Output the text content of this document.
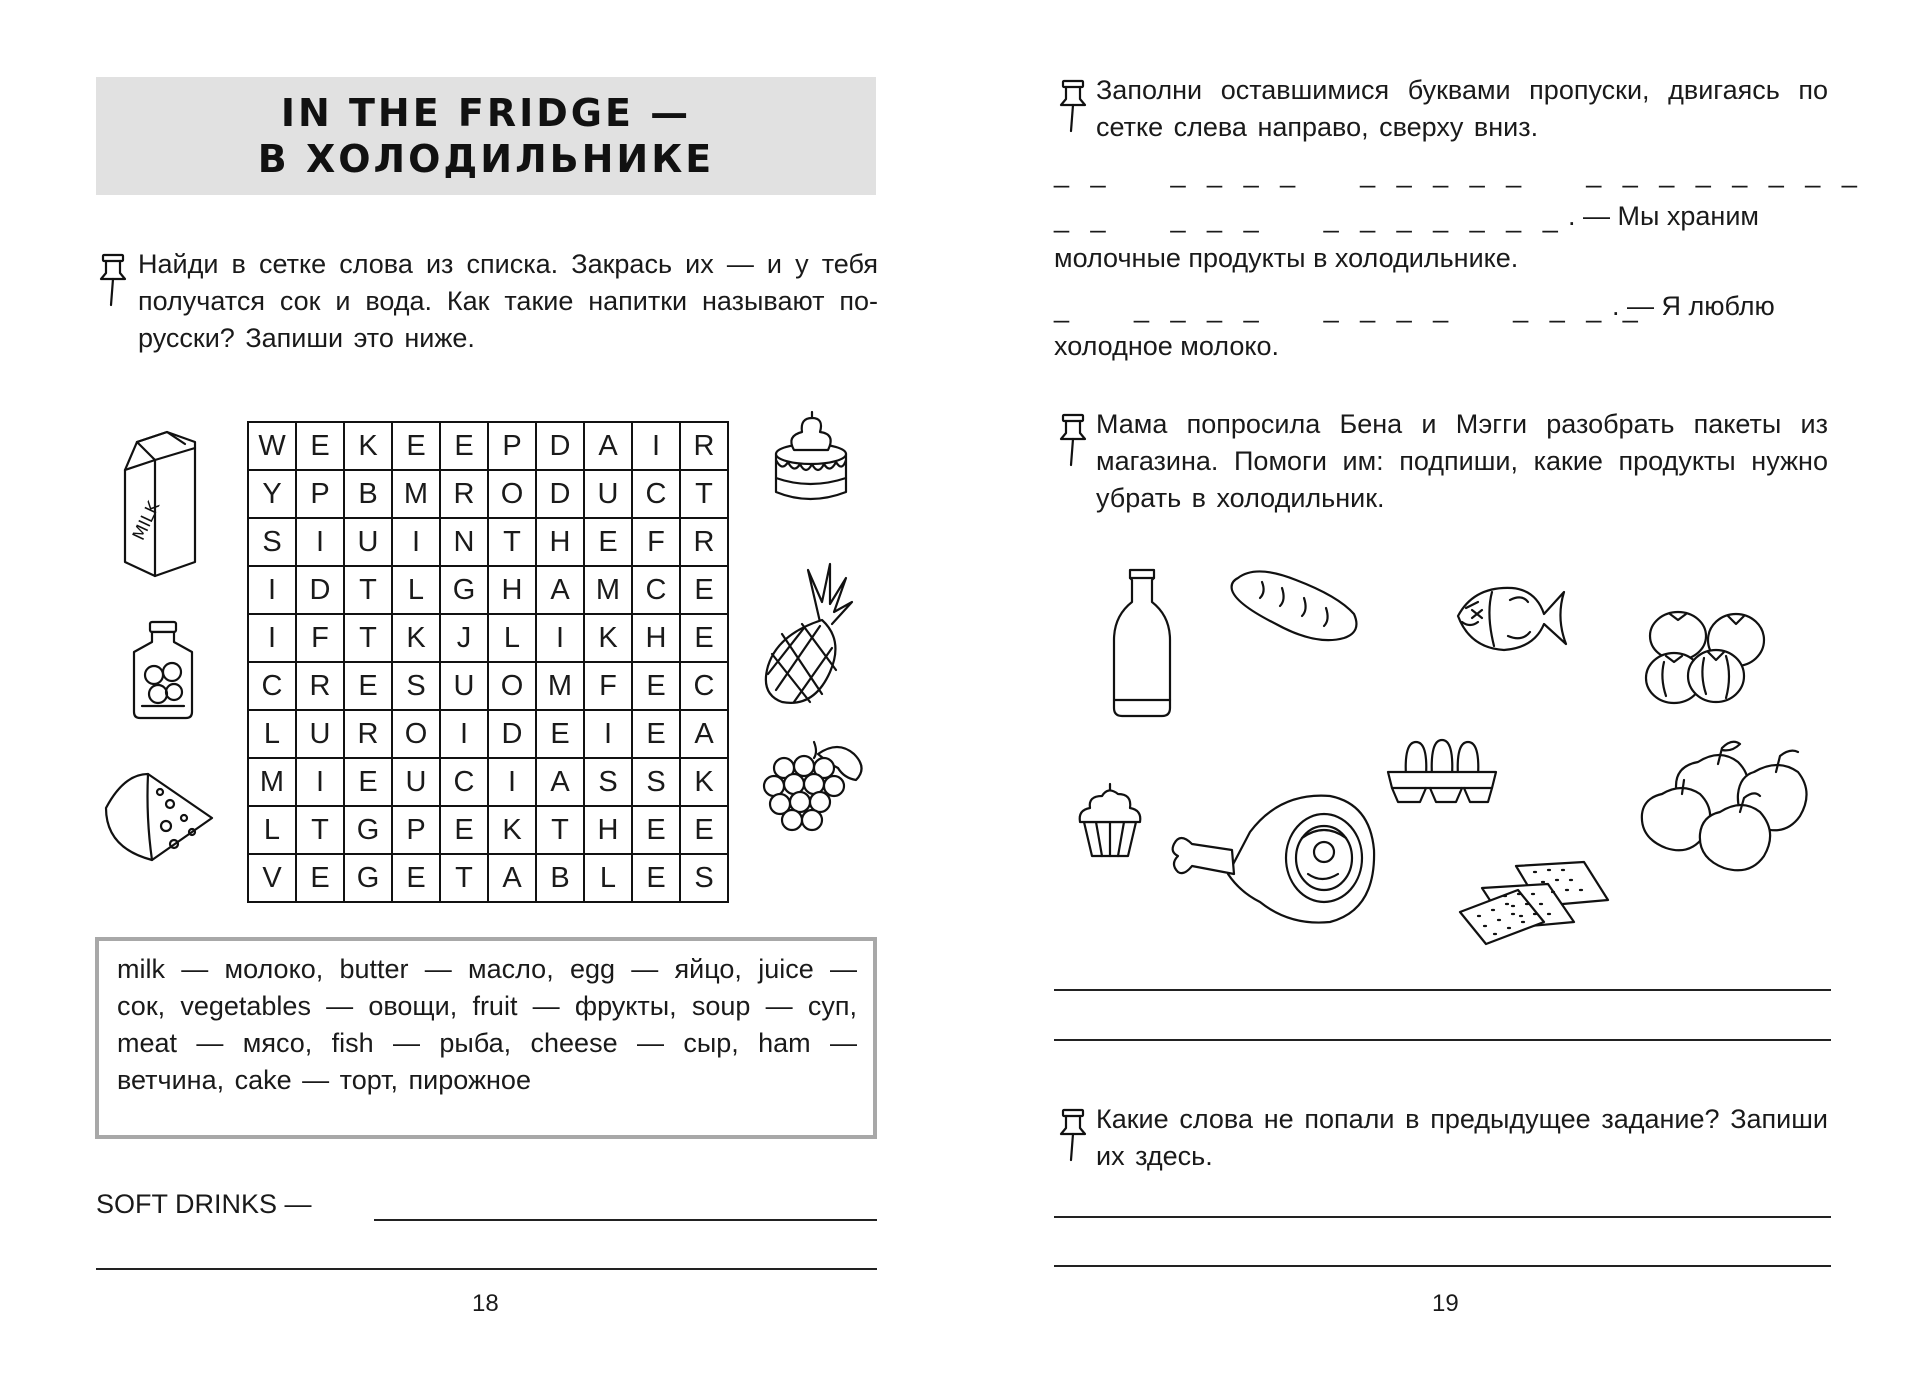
IN THE FRIDGE —
В ХОЛОДИЛЬНИКЕ
Найди в сетке слова из списка. Закрась их — и у тебя получатся сок и вода. Как такие напитки называют по-русски? Запиши это ниже.
MILK
W	E	K	E	E	P	D	A	I	R
Y	P	B	M	R	O	D	U	C	T
S	I	U	I	N	T	H	E	F	R
I	D	T	L	G	H	A	M	C	E
I	F	T	K	J	L	I	K	H	E
C	R	E	S	U	O	M	F	E	C
L	U	R	O	I	D	E	I	E	A
M	I	E	U	C	I	A	S	S	K
L	T	G	P	E	K	T	H	E	E
V	E	G	E	T	A	B	L	E	S
milk — молоко, butter — масло, egg — яйцо, juice — сок, vegetables — овощи, fruit — фрукты, soup — суп, meat — мясо, fish — рыба, cheese — сыр, ham — ветчина, cake — торт, пирожное
SOFT DRINKS —
18
Заполни оставшимися буквами пропуски, двигаясь по сетке слева направо, сверху вниз.
_ _    _ _ _ _    _ _ _ _ _    _ _ _ _ _ _ _ _
_ _    _ _ _    _ _ _ _ _ _ _ . — Мы храним
молочные продукты в холодильнике.
_    _ _ _ _    _ _ _ _    _ _ _ _
. — Я люблю
холодное молоко.
Мама попросила Бена и Мэгги разобрать пакеты из магазина. Помоги им: подпиши, какие продукты нужно убрать в холодильник.
Какие слова не попали в предыдущее задание? Запиши их здесь.
19
